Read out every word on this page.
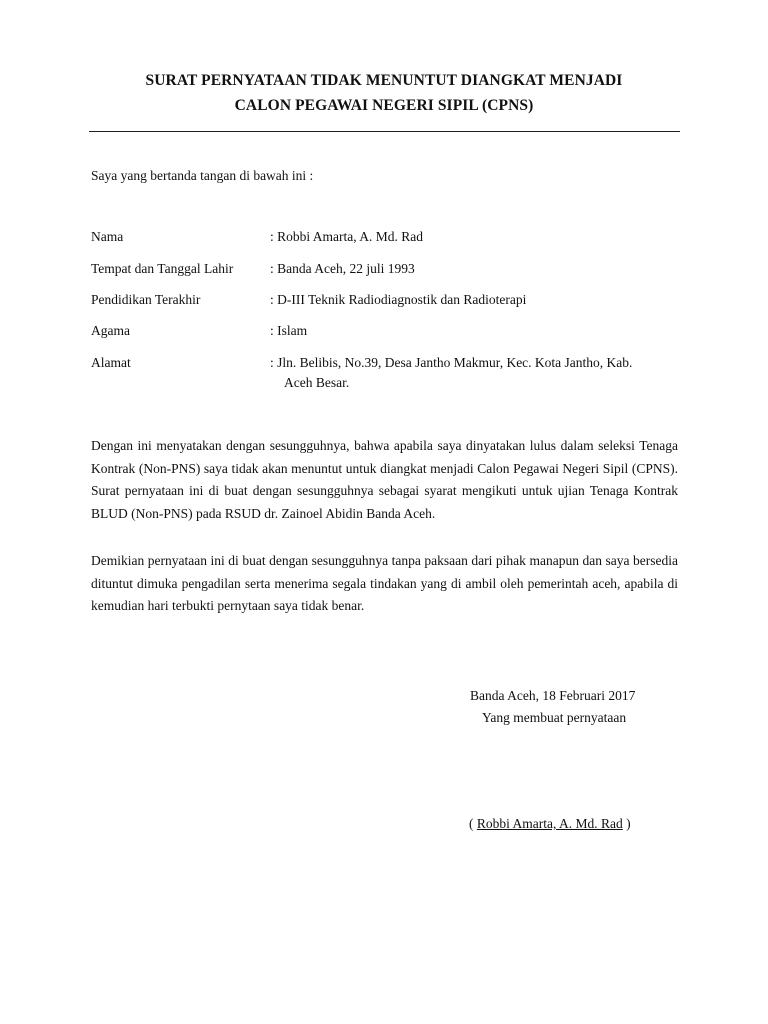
SURAT PERNYATAAN TIDAK MENUNTUT DIANGKAT MENJADI
CALON PEGAWAI NEGERI SIPIL (CPNS)
Saya yang bertanda tangan di bawah ini :
Nama	: Robbi Amarta, A. Md. Rad
Tempat dan Tanggal Lahir	: Banda Aceh, 22 juli 1993
Pendidikan Terakhir	: D-III Teknik Radiodiagnostik dan Radioterapi
Agama	: Islam
Alamat	: Jln. Belibis, No.39, Desa Jantho Makmur, Kec. Kota Jantho, Kab.
Aceh Besar.
Dengan ini menyatakan dengan sesungguhnya, bahwa apabila saya dinyatakan lulus dalam seleksi Tenaga Kontrak (Non-PNS) saya tidak akan menuntut untuk diangkat menjadi Calon Pegawai Negeri Sipil (CPNS). Surat pernyataan ini di buat dengan sesungguhnya sebagai syarat mengikuti untuk ujian Tenaga Kontrak BLUD (Non-PNS) pada RSUD dr. Zainoel Abidin Banda Aceh.
Demikian pernyataan ini di buat dengan sesungguhnya tanpa paksaan dari pihak manapun dan saya bersedia dituntut dimuka pengadilan serta menerima segala tindakan yang di ambil oleh pemerintah aceh, apabila di kemudian hari terbukti pernytaan saya tidak benar.
Banda Aceh, 18 Februari 2017
Yang membuat pernyataan
( Robbi Amarta, A. Md. Rad )
